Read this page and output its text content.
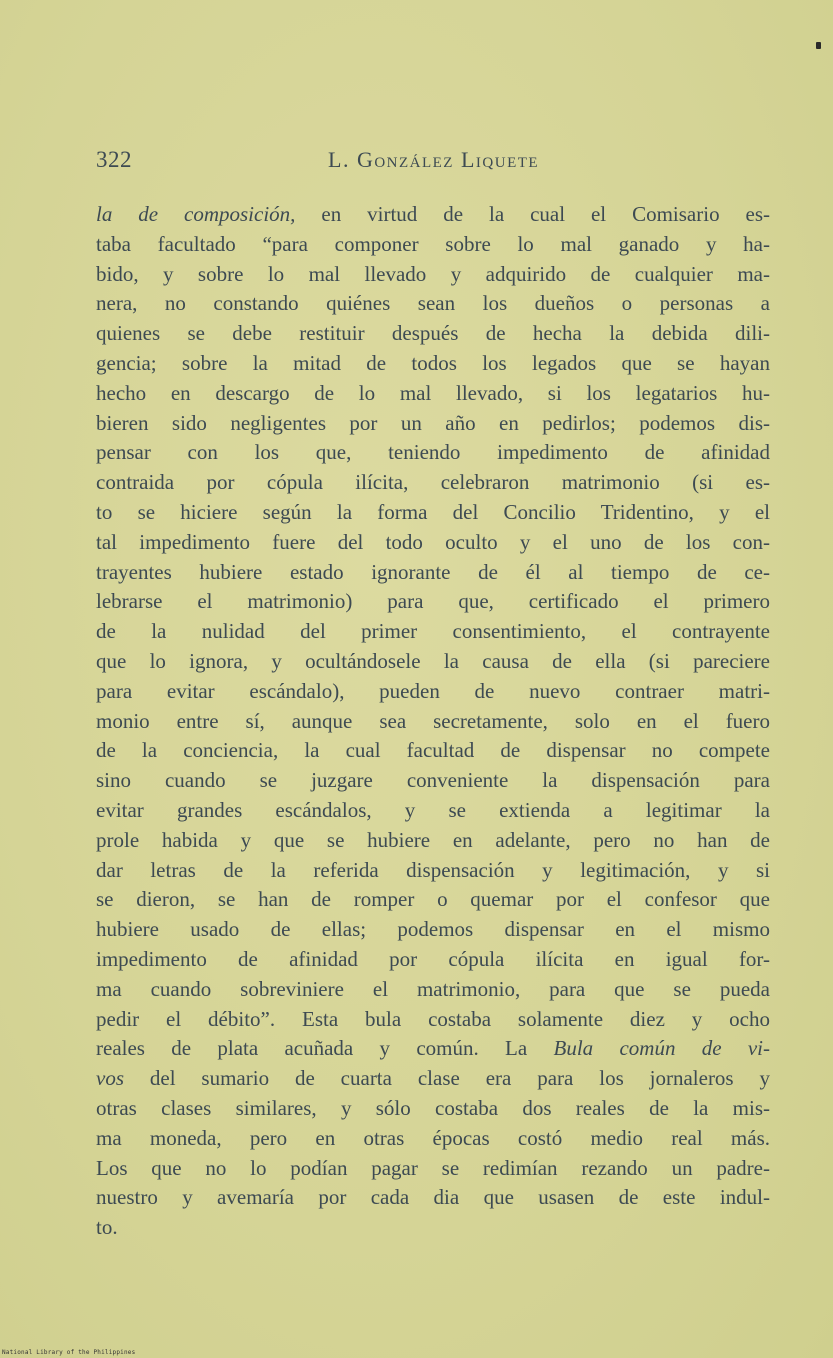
322	L. González Liquete
la de composición, en virtud de la cual el Comisario es-
taba facultado “para componer sobre lo mal ganado y ha-
bido, y sobre lo mal llevado y adquirido de cualquier ma-
nera, no constando quiénes sean los dueños o personas a
quienes se debe restituir después de hecha la debida dili-
gencia; sobre la mitad de todos los legados que se hayan
hecho en descargo de lo mal llevado, si los legatarios hu-
bieren sido negligentes por un año en pedirlos; podemos dis-
pensar con los que, teniendo impedimento de afinidad
contraida por cópula ilícita, celebraron matrimonio (si es-
to se hiciere según la forma del Concilio Tridentino, y el
tal impedimento fuere del todo oculto y el uno de los con-
trayentes hubiere estado ignorante de él al tiempo de ce-
lebrarse el matrimonio) para que, certificado el primero
de la nulidad del primer consentimiento, el contrayente
que lo ignora, y ocultándosele la causa de ella (si pareciere
para evitar escándalo), pueden de nuevo contraer matri-
monio entre sí, aunque sea secretamente, solo en el fuero
de la conciencia, la cual facultad de dispensar no compete
sino cuando se juzgare conveniente la dispensación para
evitar grandes escándalos, y se extienda a legitimar la
prole habida y que se hubiere en adelante, pero no han de
dar letras de la referida dispensación y legitimación, y si
se dieron, se han de romper o quemar por el confesor que
hubiere usado de ellas; podemos dispensar en el mismo
impedimento de afinidad por cópula ilícita en igual for-
ma cuando sobreviniere el matrimonio, para que se pueda
pedir el débito”. Esta bula costaba solamente diez y ocho
reales de plata acuñada y común. La Bula común de vi-
vos del sumario de cuarta clase era para los jornaleros y
otras clases similares, y sólo costaba dos reales de la mis-
ma moneda, pero en otras épocas costó medio real más.
Los que no lo podían pagar se redimían rezando un padre-
nuestro y avemaría por cada dia que usasen de este indul-
to.
National Library of the Philippines
